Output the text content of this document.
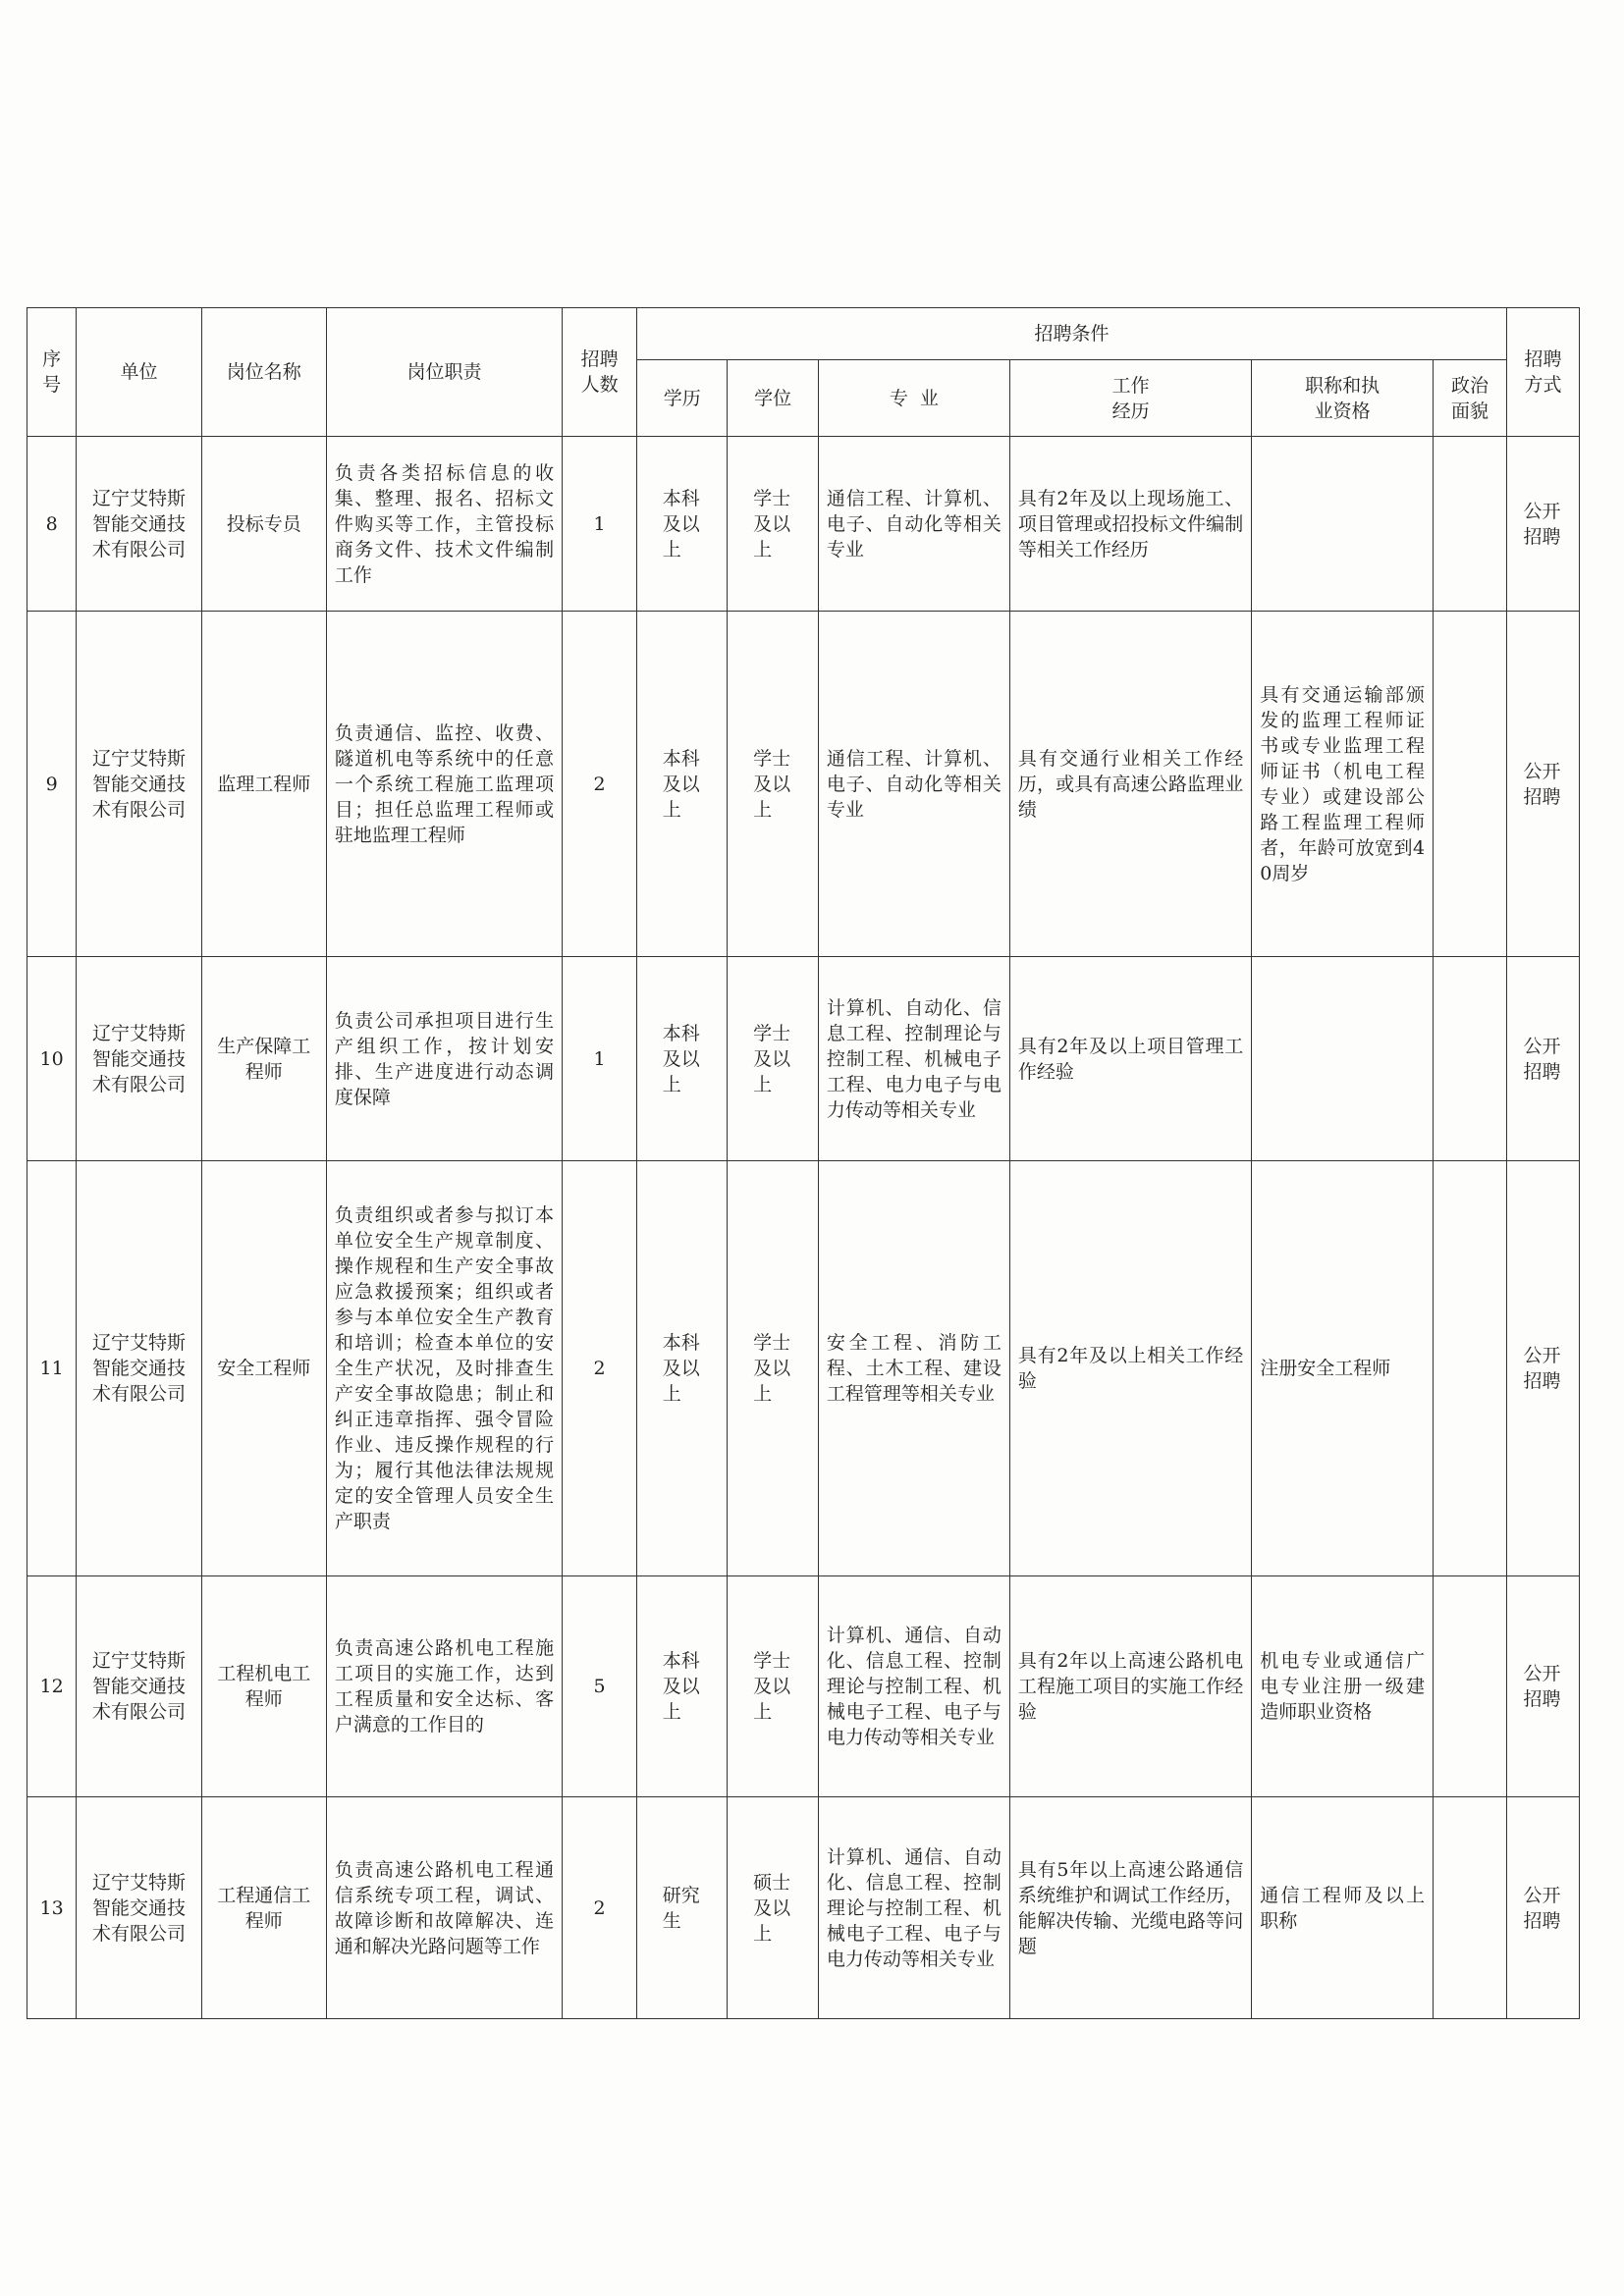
序号	单位	岗位名称	岗位职责	招聘人数	招聘条件						招聘方式
					学历	学位	专  业	工作经历	职称和执业资格	政治面貌	
8	辽宁艾特斯智能交通技术有限公司	投标专员	负责各类招标信息的收集、整理、报名、招标文件购买等工作，主管投标商务文件、技术文件编制工作	1	本科及以上	学士及以上	通信工程、计算机、电子、自动化等相关专业	具有2年及以上现场施工、项目管理或招投标文件编制等相关工作经历			公开招聘
9	辽宁艾特斯智能交通技术有限公司	监理工程师	负责通信、监控、收费、隧道机电等系统中的任意一个系统工程施工监理项目；担任总监理工程师或驻地监理工程师	2	本科及以上	学士及以上	通信工程、计算机、电子、自动化等相关专业	具有交通行业相关工作经历，或具有高速公路监理业绩	具有交通运输部颁发的监理工程师证书或专业监理工程师证书（机电工程专业）或建设部公路工程监理工程师者，年龄可放宽到40周岁		公开招聘
10	辽宁艾特斯智能交通技术有限公司	生产保障工程师	负责公司承担项目进行生产组织工作，按计划安排、生产进度进行动态调度保障	1	本科及以上	学士及以上	计算机、自动化、信息工程、控制理论与控制工程、机械电子工程、电力电子与电力传动等相关专业	具有2年及以上项目管理工作经验			公开招聘
11	辽宁艾特斯智能交通技术有限公司	安全工程师	负责组织或者参与拟订本单位安全生产规章制度、操作规程和生产安全事故应急救援预案；组织或者参与本单位安全生产教育和培训；检查本单位的安全生产状况，及时排查生产安全事故隐患；制止和纠正违章指挥、强令冒险作业、违反操作规程的行为；履行其他法律法规规定的安全管理人员安全生产职责	2	本科及以上	学士及以上	安全工程、消防工程、土木工程、建设工程管理等相关专业	具有2年及以上相关工作经验	注册安全工程师		公开招聘
12	辽宁艾特斯智能交通技术有限公司	工程机电工程师	负责高速公路机电工程施工项目的实施工作，达到工程质量和安全达标、客户满意的工作目的	5	本科及以上	学士及以上	计算机、通信、自动化、信息工程、控制理论与控制工程、机械电子工程、电子与电力传动等相关专业	具有2年以上高速公路机电工程施工项目的实施工作经验	机电专业或通信广电专业注册一级建造师职业资格		公开招聘
13	辽宁艾特斯智能交通技术有限公司	工程通信工程师	负责高速公路机电工程通信系统专项工程，调试、故障诊断和故障解决、连通和解决光路问题等工作	2	研究生	硕士及以上	计算机、通信、自动化、信息工程、控制理论与控制工程、机械电子工程、电子与电力传动等相关专业	具有5年以上高速公路通信系统维护和调试工作经历，能解决传输、光缆电路等问题	通信工程师及以上职称		公开招聘
